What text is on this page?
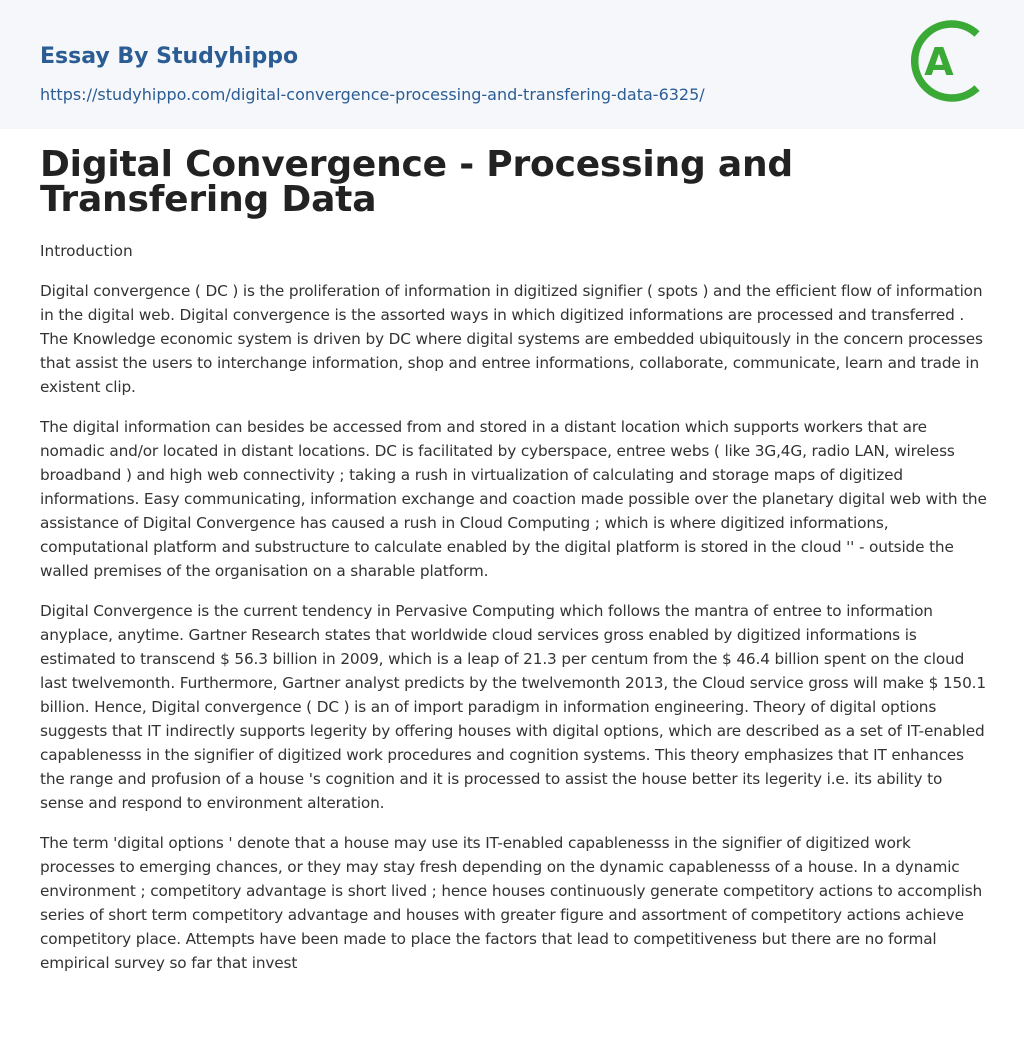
Essay By Studyhippo
https://studyhippo.com/digital-convergence-processing-and-transfering-data-6325/
A
Digital Convergence - Processing and Transfering Data

Introduction

Digital convergence ( DC ) is the proliferation of information in digitized signifier ( spots ) and the efficient flow of information in the digital web. Digital convergence is the assorted ways in which digitized informations are processed and transferred . The Knowledge economic system is driven by DC where digital systems are embedded ubiquitously in the concern processes that assist the users to interchange information, shop and entree informations, collaborate, communicate, learn and trade in existent clip.

The digital information can besides be accessed from and stored in a distant location which supports workers that are nomadic and/or located in distant locations. DC is facilitated by cyberspace, entree webs ( like 3G,4G, radio LAN, wireless broadband ) and high web connectivity ; taking a rush in virtualization of calculating and storage maps of digitized informations. Easy communicating, information exchange and coaction made possible over the planetary digital web with the assistance of Digital Convergence has caused a rush in Cloud Computing ; which is where digitized informations, computational platform and substructure to calculate enabled by the digital platform is stored in the cloud '' - outside the walled premises of the organisation on a sharable platform.

Digital Convergence is the current tendency in Pervasive Computing which follows the mantra of entree to information anyplace, anytime. Gartner Research states that worldwide cloud services gross enabled by digitized informations is estimated to transcend $ 56.3 billion in 2009, which is a leap of 21.3 per centum from the $ 46.4 billion spent on the cloud last twelvemonth. Furthermore, Gartner analyst predicts by the twelvemonth 2013, the Cloud service gross will make $ 150.1 billion. Hence, Digital convergence ( DC ) is an of import paradigm in information engineering. Theory of digital options suggests that IT indirectly supports legerity by offering houses with digital options, which are described as a set of IT-enabled capablenesss in the signifier of digitized work procedures and cognition systems. This theory emphasizes that IT enhances the range and profusion of a house 's cognition and it is processed to assist the house better its legerity i.e. its ability to sense and respond to environment alteration.

The term 'digital options ' denote that a house may use its IT-enabled capablenesss in the signifier of digitized work processes to emerging chances, or they may stay fresh depending on the dynamic capablenesss of a house. In a dynamic environment ; competitory advantage is short lived ; hence houses continuously generate competitory actions to accomplish series of short term competitory advantage and houses with greater figure and assortment of competitory actions achieve competitory place. Attempts have been made to place the factors that lead to competitiveness but there are no formal empirical survey so far that invest
